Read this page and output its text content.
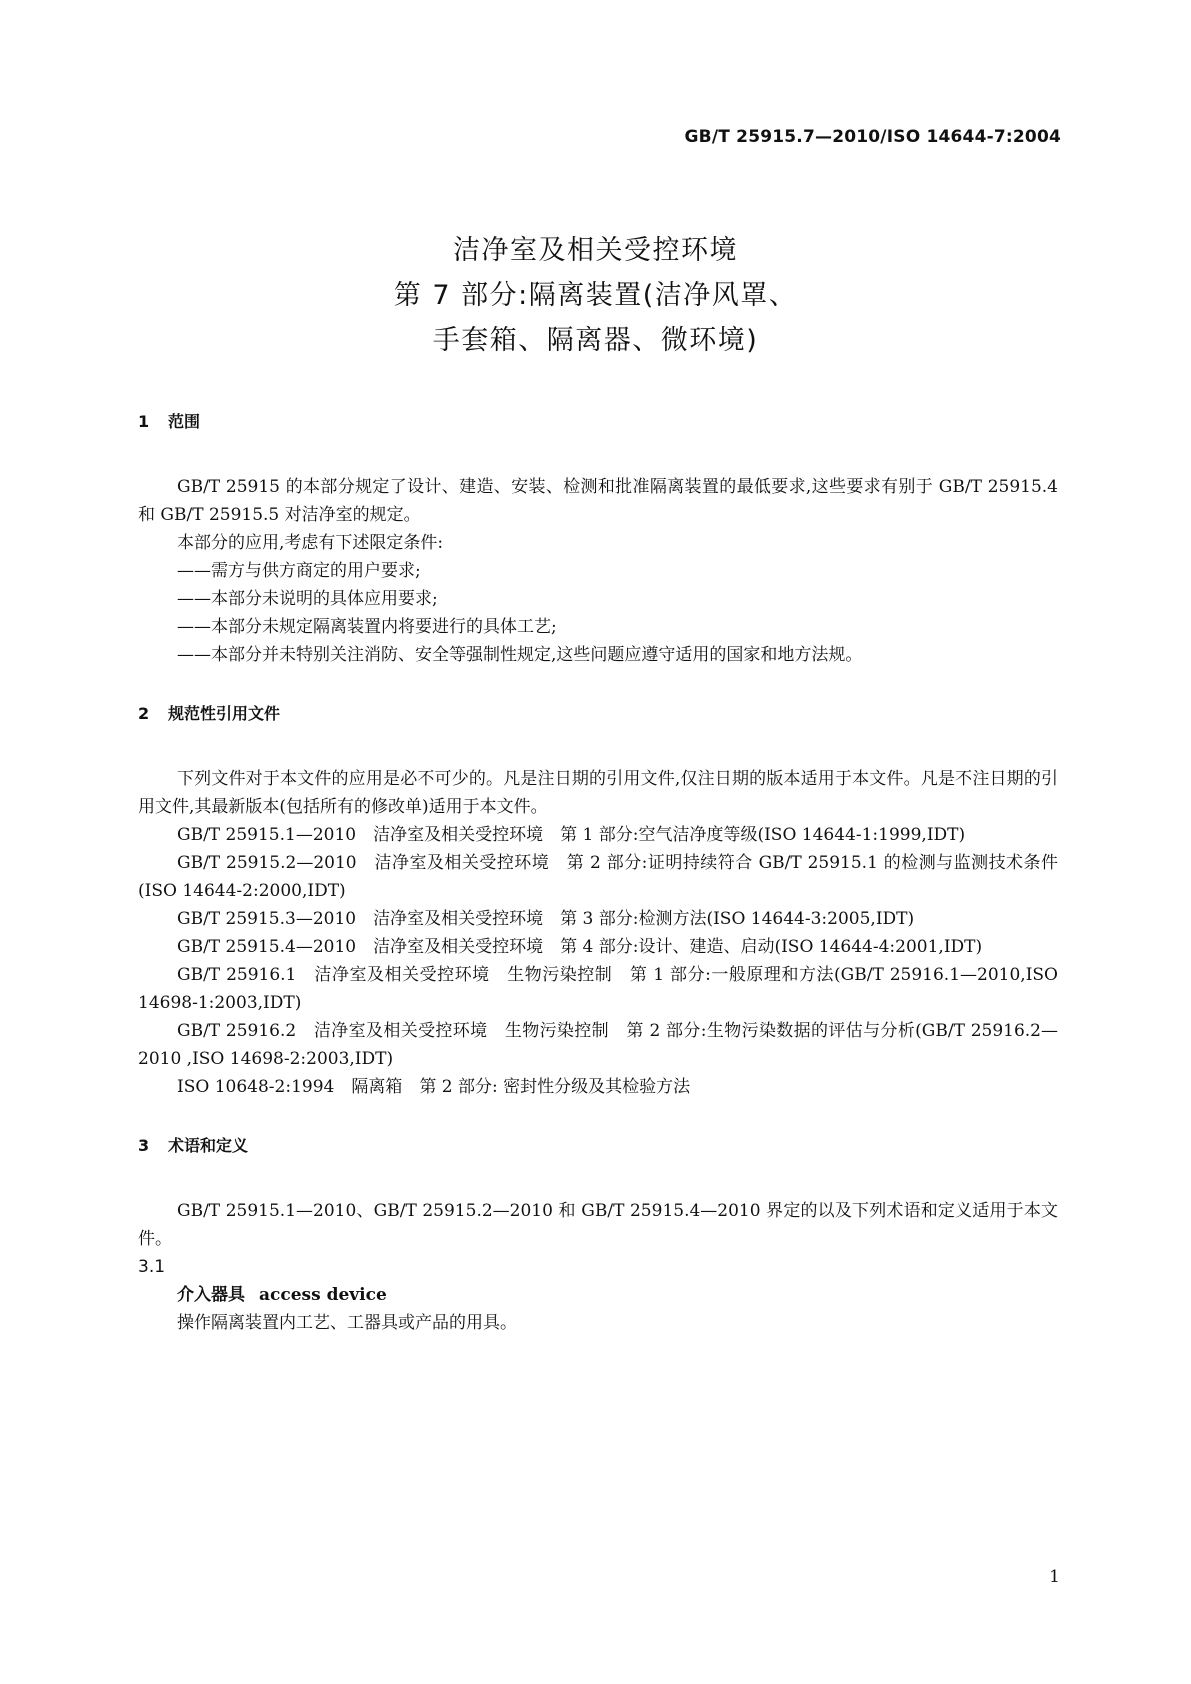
GB/T 25915.7—2010/ISO 14644-7:2004
洁净室及相关受控环境
第 7 部分:隔离装置(洁净风罩、
手套箱、隔离器、微环境)
1 范围

GB/T 25915 的本部分规定了设计、建造、安装、检测和批准隔离装置的最低要求,这些要求有别于 GB/T 25915.4 和 GB/T 25915.5 对洁净室的规定。

本部分的应用,考虑有下述限定条件:

——需方与供方商定的用户要求;

——本部分未说明的具体应用要求;

——本部分未规定隔离装置内将要进行的具体工艺;

——本部分并未特别关注消防、安全等强制性规定,这些问题应遵守适用的国家和地方法规。

2 规范性引用文件

下列文件对于本文件的应用是必不可少的。凡是注日期的引用文件,仅注日期的版本适用于本文件。凡是不注日期的引用文件,其最新版本(包括所有的修改单)适用于本文件。

GB/T 25915.1—2010　洁净室及相关受控环境　第 1 部分:空气洁净度等级(ISO 14644-1:1999,IDT)

GB/T 25915.2—2010　洁净室及相关受控环境　第 2 部分:证明持续符合 GB/T 25915.1 的检测与监测技术条件(ISO 14644-2:2000,IDT)

GB/T 25915.3—2010　洁净室及相关受控环境　第 3 部分:检测方法(ISO 14644-3:2005,IDT)

GB/T 25915.4—2010　洁净室及相关受控环境　第 4 部分:设计、建造、启动(ISO 14644-4:2001,IDT)

GB/T 25916.1　洁净室及相关受控环境　生物污染控制　第 1 部分:一般原理和方法(GB/T 25916.1—2010,ISO 14698-1:2003,IDT)

GB/T 25916.2　洁净室及相关受控环境　生物污染控制　第 2 部分:生物污染数据的评估与分析(GB/T 25916.2—2010 ,ISO 14698-2:2003,IDT)

ISO 10648-2:1994　隔离箱　第 2 部分: 密封性分级及其检验方法

3 术语和定义

GB/T 25915.1—2010、GB/T 25915.2—2010 和 GB/T 25915.4—2010 界定的以及下列术语和定义适用于本文件。

3.1
介入器具 access device

操作隔离装置内工艺、工器具或产品的用具。

1
